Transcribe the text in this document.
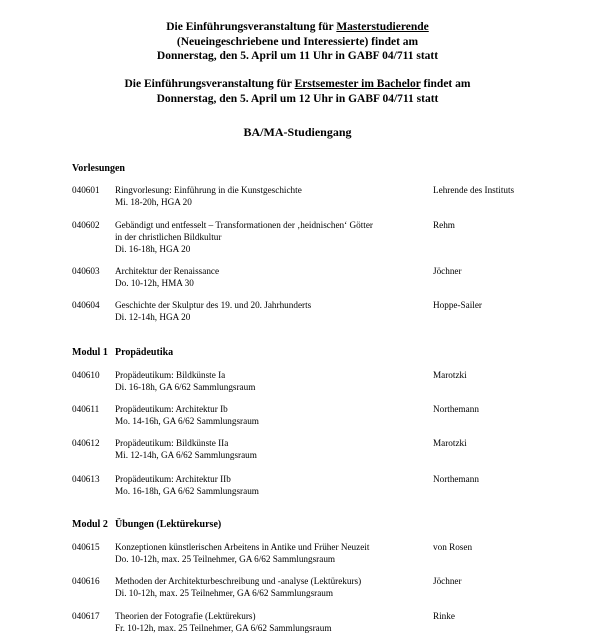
Die Einführungsveranstaltung für Masterstudierende
(Neueingeschriebene und Interessierte) findet am
Donnerstag, den 5. April um 11 Uhr in GABF 04/711 statt
Die Einführungsveranstaltung für Erstsemester im Bachelor findet am
Donnerstag, den 5. April um 12 Uhr in GABF 04/711 statt
BA/MA-Studiengang
Vorlesungen
040601	Ringvorlesung: Einführung in die Kunstgeschichte
Mi. 18-20h, HGA 20
Lehrende des Instituts
040602	Gebändigt und entfesselt – Transformationen der ‚heidnischen‘ Götter
in der christlichen Bildkultur
Di. 16-18h, HGA 20
Rehm
040603	Architektur der Renaissance
Do. 10-12h, HMA 30
Jöchner
040604	Geschichte der Skulptur des 19. und 20. Jahrhunderts
Di. 12-14h, HGA 20
Hoppe-Sailer
Modul 1 Propädeutika
040610	Propädeutikum: Bildkünste Ia
Di. 16-18h, GA 6/62 Sammlungsraum
Marotzki
040611	Propädeutikum: Architektur Ib
Mo. 14-16h, GA 6/62 Sammlungsraum
Northemann
040612	Propädeutikum: Bildkünste IIa
Mi. 12-14h, GA 6/62 Sammlungsraum
Marotzki
040613	Propädeutikum: Architektur IIb
Mo. 16-18h, GA 6/62 Sammlungsraum
Northemann
Modul 2 Übungen (Lektürekurse)
040615	Konzeptionen künstlerischen Arbeitens in Antike und Früher Neuzeit
Do. 10-12h, max. 25 Teilnehmer, GA 6/62 Sammlungsraum
von Rosen
040616	Methoden der Architekturbeschreibung und -analyse (Lektürekurs)
Di. 10-12h, max. 25 Teilnehmer, GA 6/62 Sammlungsraum
Jöchner
040617	Theorien der Fotografie (Lektürekurs)
Fr. 10-12h, max. 25 Teilnehmer, GA 6/62 Sammlungsraum
Rinke
